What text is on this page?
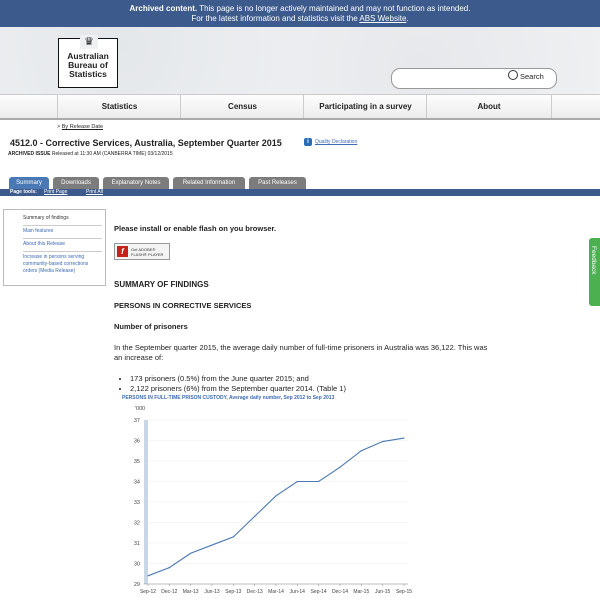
Archived content. This page is no longer actively maintained and may not function as intended.
For the latest information and statistics visit the ABS Website.
Australian
Bureau of
Statistics
♛
Search
Statistics	Census	Participating in a survey	About
> By Release Date
4512.0 - Corrective Services, Australia, September Quarter 2015	i	Quality Declaration
ARCHIVED ISSUE Released at 11:30 AM (CANBERRA TIME) 03/12/2015
Summary	Downloads	Explanatory Notes	Related Information	Past Releases
Page tools: Print Page	Print All
Summary of findings
Main features
About this Release
Increase in persons serving community-based corrections orders (Media Release)
Please install or enable flash on you browser.
f	Get ADOBE®
FLASH® PLAYER
SUMMARY OF FINDINGS
PERSONS IN CORRECTIVE SERVICES
Number of prisoners
In the September quarter 2015, the average daily number of full-time prisoners in Australia was 36,122. This was an increase of:
• 173 prisoners (0.5%) from the June quarter 2015; and
• 2,122 prisoners (6%) from the September quarter 2014. (Table 1)
PERSONS IN FULL-TIME PRISON CUSTODY, Average daily number, Sep 2012 to Sep 2013
29
30
31
32
33
34
35
36
37
'000
Sep-12 Dec-12 Mar-13 Jun-13 Sep-13 Dec-13 Mar-14 Jun-14 Sep-14 Dec-14 Mar-15 Jun-15 Sep-15
Feedback
